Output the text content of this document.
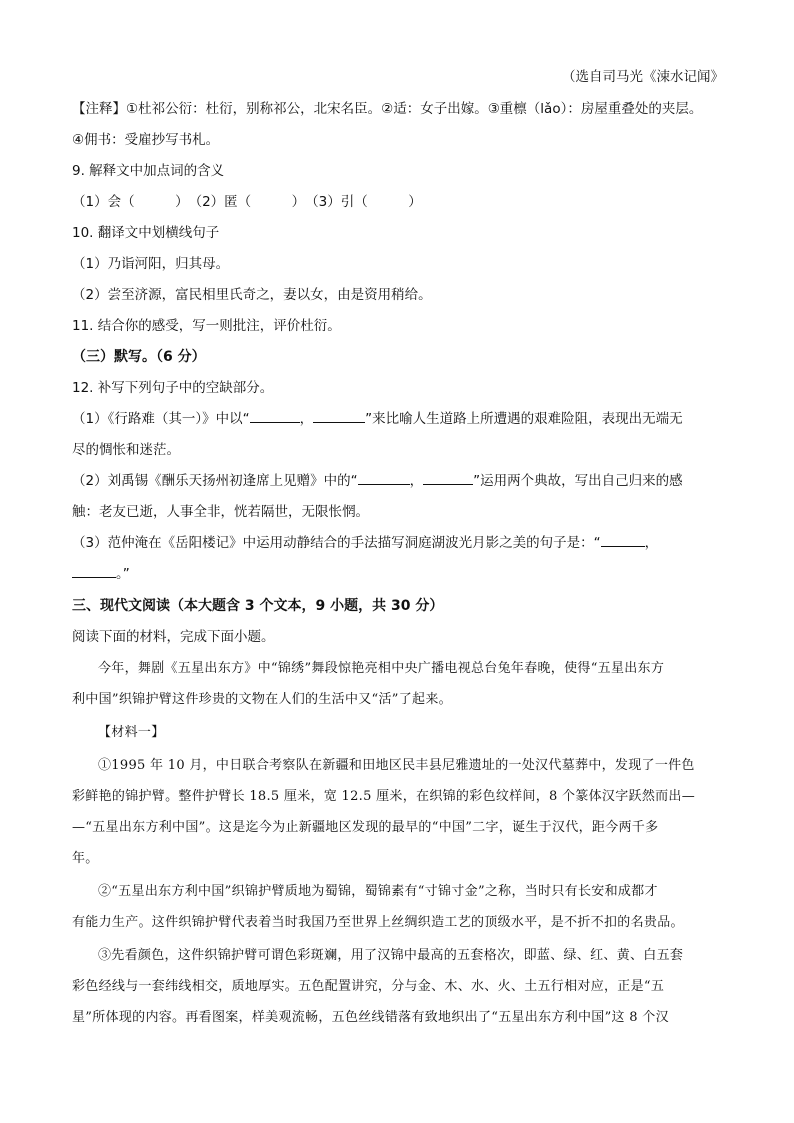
（选自司马光《涑水记闻》
【注释】①杜祁公衍：杜衍，别称祁公，北宋名臣。②适：女子出嫁。③重檩（lǎo）：房屋重叠处的夹层。
④佣书：受雇抄写书札。
9. 解释文中加点词的含义
（1）会（　　　）　（2）匿（　　　）　（3）引（　　　）
10. 翻译文中划横线句子
（1）乃诣河阳，归其母。
（2）尝至济源，富民相里氏奇之，妻以女，由是资用稍给。
11. 结合你的感受，写一则批注，评价杜衍。
（三）默写。（6 分）
12. 补写下列句子中的空缺部分。
（1）《行路难（其一）》中以“	，	”来比喻人生道路上所遭遇的艰难险阻，表现出无端无
尽的惆怅和迷茫。
（2）刘禹锡《酬乐天扬州初逢席上见赠》中的“	，	”运用两个典故，写出自己归来的感
触：老友已逝，人事全非，恍若隔世，无限怅惘。
（3）范仲淹在《岳阳楼记》中运用动静结合的手法描写洞庭湖波光月影之美的句子是：“	，
。”
三、现代文阅读（本大题含 3 个文本，9 小题，共 30 分）
阅读下面的材料，完成下面小题。
今年，舞剧《五星出东方》中“锦绣”舞段惊艳亮相中央广播电视总台兔年春晚，使得“五星出东方
利中国”织锦护臂这件珍贵的文物在人们的生活中又“活”了起来。
【材料一】
①1995 年 10 月，中日联合考察队在新疆和田地区民丰县尼雅遗址的一处汉代墓葬中，发现了一件色
彩鲜艳的锦护臂。整件护臂长 18.5 厘米，宽 12.5 厘米，在织锦的彩色纹样间，8 个篆体汉字跃然而出—
—“五星出东方利中国”。这是迄今为止新疆地区发现的最早的“中国”二字，诞生于汉代，距今两千多
年。
②“五星出东方利中国”织锦护臂质地为蜀锦，蜀锦素有“寸锦寸金”之称，当时只有长安和成都才
有能力生产。这件织锦护臂代表着当时我国乃至世界上丝绸织造工艺的顶级水平，是不折不扣的名贵品。
③先看颜色，这件织锦护臂可谓色彩斑斓，用了汉锦中最高的五套格次，即蓝、绿、红、黄、白五套
彩色经线与一套纬线相交，质地厚实。五色配置讲究，分与金、木、水、火、土五行相对应，正是“五
星”所体现的内容。再看图案，样美观流畅，五色丝线错落有致地织出了“五星出东方利中国”这 8 个汉
